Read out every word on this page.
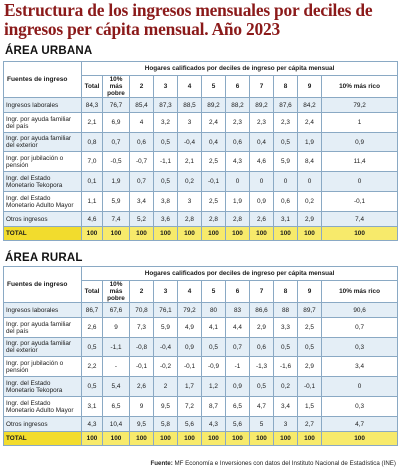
Estructura de los ingresos mensuales por deciles de ingresos per cápita mensual. Año 2023
ÁREA URBANA
Fuentes de ingreso	Hogares calificados por deciles de ingreso per cápita mensual										
	Total	10% más pobre	2	3	4	5	6	7	8	9	10% más rico
Ingresos laborales	84,3	76,7	85,4	87,3	88,5	89,2	88,2	89,2	87,6	84,2	79,2
Ingr. por ayuda familiar del país	2,1	6,9	4	3,2	3	2,4	2,3	2,3	2,3	2,4	1
Ingr. por ayuda familiar del exterior	0,8	0,7	0,6	0,5	-0,4	0,4	0,6	0,4	0,5	1,9	0,9
Ingr. por jubilación o pensión	7,0	-0,5	-0,7	-1,1	2,1	2,5	4,3	4,6	5,9	8,4	11,4
Ingr. del Estado Monetario Tekopora	0,1	1,9	0,7	0,5	0,2	-0,1	0	0	0	0	0
Ingr. del Estado Monetario Adulto Mayor	1,1	5,9	3,4	3,8	3	2,5	1,9	0,9	0,6	0,2	-0,1
Otros ingresos	4,6	7,4	5,2	3,6	2,8	2,8	2,8	2,6	3,1	2,9	7,4
TOTAL	100	100	100	100	100	100	100	100	100	100	100
ÁREA RURAL
Fuentes de ingreso	Hogares calificados por deciles de ingreso per cápita mensual										
	Total	10% más pobre	2	3	4	5	6	7	8	9	10% más rico
Ingresos laborales	86,7	67,6	70,8	76,1	79,2	80	83	86,6	88	89,7	90,6
Ingr. por ayuda familiar del país	2,6	9	7,3	5,9	4,9	4,1	4,4	2,9	3,3	2,5	0,7
Ingr. por ayuda familiar del exterior	0,5	-1,1	-0,8	-0,4	0,9	0,5	0,7	0,6	0,5	0,5	0,3
Ingr. por jubilación o pensión	2,2	-	-0,1	-0,2	-0,1	-0,9	-1	-1,3	-1,6	2,9	3,4
Ingr. del Estado Monetario Tekopora	0,5	5,4	2,6	2	1,7	1,2	0,9	0,5	0,2	-0,1	0
Ingr. del Estado Monetario Adulto Mayor	3,1	6,5	9	9,5	7,2	8,7	6,5	4,7	3,4	1,5	0,3
Otros ingresos	4,3	10,4	9,5	5,8	5,6	4,3	5,6	5	3	2,7	4,7
TOTAL	100	100	100	100	100	100	100	100	100	100	100
Fuente: MF Economía e Inversiones con datos del Instituto Nacional de Estadística (INE)
